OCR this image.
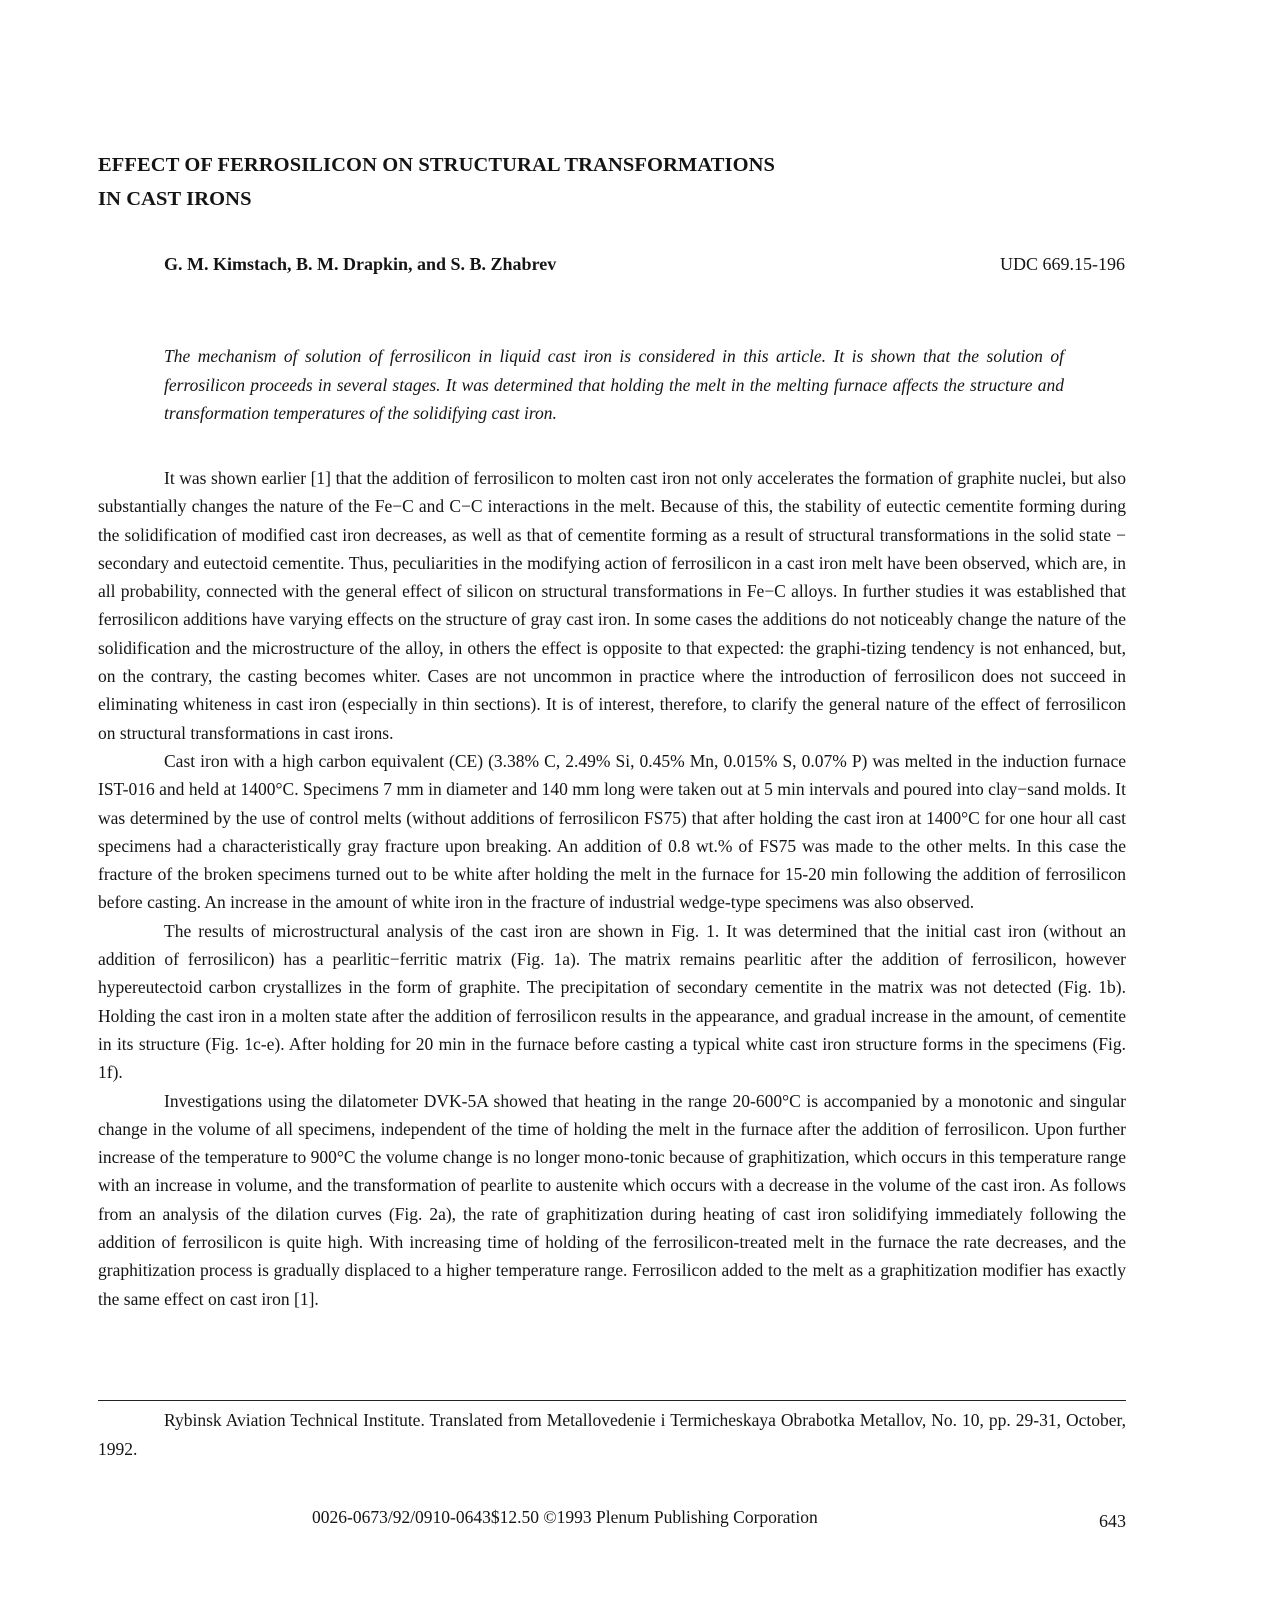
EFFECT OF FERROSILICON ON STRUCTURAL TRANSFORMATIONS IN CAST IRONS
G. M. Kimstach, B. M. Drapkin, and S. B. Zhabrev	UDC 669.15-196
The mechanism of solution of ferrosilicon in liquid cast iron is considered in this article. It is shown that the solution of ferrosilicon proceeds in several stages. It was determined that holding the melt in the melting furnace affects the structure and transformation temperatures of the solidifying cast iron.

It was shown earlier [1] that the addition of ferrosilicon to molten cast iron not only accelerates the formation of graphite nuclei, but also substantially changes the nature of the Fe−C and C−C interactions in the melt. Because of this, the stability of eutectic cementite forming during the solidification of modified cast iron decreases, as well as that of cementite forming as a result of structural transformations in the solid state − secondary and eutectoid cementite. Thus, peculiarities in the modifying action of ferrosilicon in a cast iron melt have been observed, which are, in all probability, connected with the general effect of silicon on structural transformations in Fe−C alloys. In further studies it was established that ferrosilicon additions have varying effects on the structure of gray cast iron. In some cases the additions do not noticeably change the nature of the solidification and the microstructure of the alloy, in others the effect is opposite to that expected: the graphi-tizing tendency is not enhanced, but, on the contrary, the casting becomes whiter. Cases are not uncommon in practice where the introduction of ferrosilicon does not succeed in eliminating whiteness in cast iron (especially in thin sections). It is of interest, therefore, to clarify the general nature of the effect of ferrosilicon on structural transformations in cast irons.

Cast iron with a high carbon equivalent (CE) (3.38% C, 2.49% Si, 0.45% Mn, 0.015% S, 0.07% P) was melted in the induction furnace IST-016 and held at 1400°C. Specimens 7 mm in diameter and 140 mm long were taken out at 5 min intervals and poured into clay−sand molds. It was determined by the use of control melts (without additions of ferrosilicon FS75) that after holding the cast iron at 1400°C for one hour all cast specimens had a characteristically gray fracture upon breaking. An addition of 0.8 wt.% of FS75 was made to the other melts. In this case the fracture of the broken specimens turned out to be white after holding the melt in the furnace for 15-20 min following the addition of ferrosilicon before casting. An increase in the amount of white iron in the fracture of industrial wedge-type specimens was also observed.

The results of microstructural analysis of the cast iron are shown in Fig. 1. It was determined that the initial cast iron (without an addition of ferrosilicon) has a pearlitic−ferritic matrix (Fig. 1a). The matrix remains pearlitic after the addition of ferrosilicon, however hypereutectoid carbon crystallizes in the form of graphite. The precipitation of secondary cementite in the matrix was not detected (Fig. 1b). Holding the cast iron in a molten state after the addition of ferrosilicon results in the appearance, and gradual increase in the amount, of cementite in its structure (Fig. 1c-e). After holding for 20 min in the furnace before casting a typical white cast iron structure forms in the specimens (Fig. 1f).

Investigations using the dilatometer DVK-5A showed that heating in the range 20-600°C is accompanied by a monotonic and singular change in the volume of all specimens, independent of the time of holding the melt in the furnace after the addition of ferrosilicon. Upon further increase of the temperature to 900°C the volume change is no longer mono-tonic because of graphitization, which occurs in this temperature range with an increase in volume, and the transformation of pearlite to austenite which occurs with a decrease in the volume of the cast iron. As follows from an analysis of the dilation curves (Fig. 2a), the rate of graphitization during heating of cast iron solidifying immediately following the addition of ferrosilicon is quite high. With increasing time of holding of the ferrosilicon-treated melt in the furnace the rate decreases, and the graphitization process is gradually displaced to a higher temperature range. Ferrosilicon added to the melt as a graphitization modifier has exactly the same effect on cast iron [1].

Rybinsk Aviation Technical Institute. Translated from Metallovedenie i Termicheskaya Obrabotka Metallov, No. 10, pp. 29-31, October, 1992.
0026-0673/92/0910-0643$12.50 ©1993 Plenum Publishing Corporation	643
